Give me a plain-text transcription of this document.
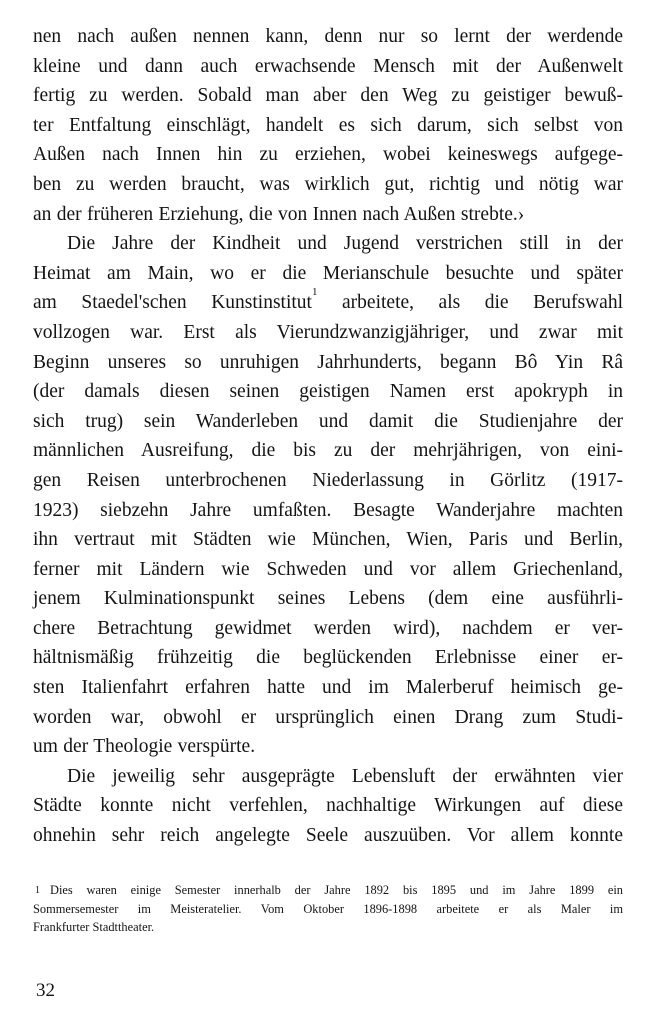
nen nach außen nennen kann, denn nur so lernt der werdende
kleine und dann auch erwachsende Mensch mit der Außenwelt
fertig zu werden. Sobald man aber den Weg zu geistiger bewuß-
ter Entfaltung einschlägt, handelt es sich darum, sich selbst von
Außen nach Innen hin zu erziehen, wobei keineswegs aufgege-
ben zu werden braucht, was wirklich gut, richtig und nötig war
an der früheren Erziehung, die von Innen nach Außen strebte.›
Die Jahre der Kindheit und Jugend verstrichen still in der
Heimat am Main, wo er die Merianschule besuchte und später
am Staedel'schen Kunstinstitut$^1$ arbeitete, als die Berufswahl
vollzogen war. Erst als Vierundzwanzigjähriger, und zwar mit
Beginn unseres so unruhigen Jahrhunderts, begann Bô Yin Râ
(der damals diesen seinen geistigen Namen erst apokryph in
sich trug) sein Wanderleben und damit die Studienjahre der
männlichen Ausreifung, die bis zu der mehrjährigen, von eini-
gen Reisen unterbrochenen Niederlassung in Görlitz (1917-
1923) siebzehn Jahre umfaßten. Besagte Wanderjahre machten
ihn vertraut mit Städten wie München, Wien, Paris und Berlin,
ferner mit Ländern wie Schweden und vor allem Griechenland,
jenem Kulminationspunkt seines Lebens (dem eine ausführli-
chere Betrachtung gewidmet werden wird), nachdem er ver-
hältnismäßig frühzeitig die beglückenden Erlebnisse einer er-
sten Italienfahrt erfahren hatte und im Malerberuf heimisch ge-
worden war, obwohl er ursprünglich einen Drang zum Studi-
um der Theologie verspürte.
Die jeweilig sehr ausgeprägte Lebensluft der erwähnten vier
Städte konnte nicht verfehlen, nachhaltige Wirkungen auf diese
ohnehin sehr reich angelegte Seele auszuüben. Vor allem konnte
$^1$ Dies waren einige Semester innerhalb der Jahre 1892 bis 1895 und im Jahre 1899 ein
Sommersemester im Meisteratelier. Vom Oktober 1896-1898 arbeitete er als Maler im
Frankfurter Stadttheater.
32
